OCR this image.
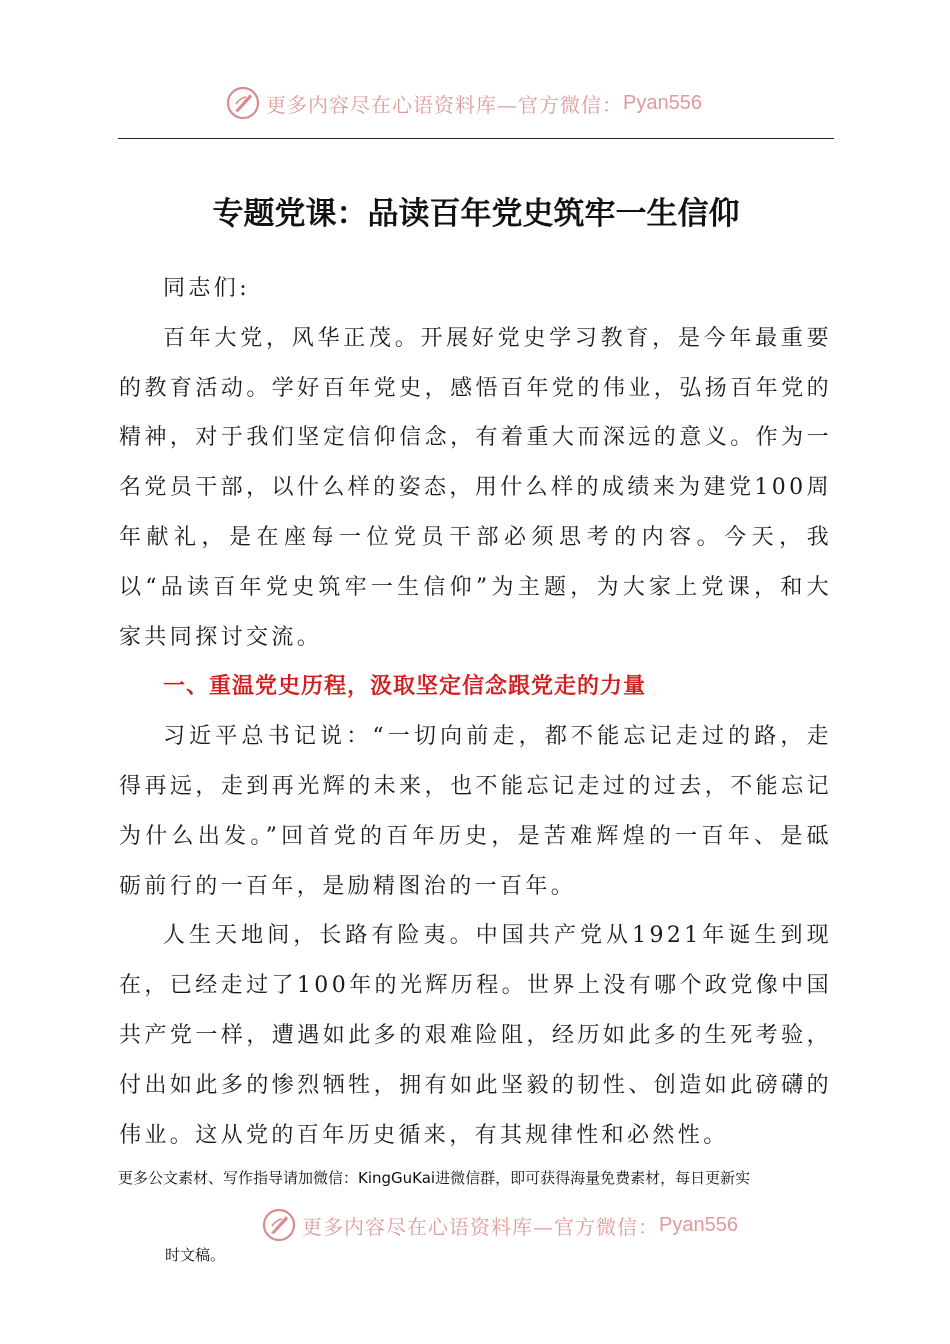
更多内容尽在心语资料库—官方微信： Pyan556
专题党课：品读百年党史筑牢一生信仰

同志们:

百年大党，风华正茂。开展好党史学习教育，是今年最重要的教育活动。学好百年党史，感悟百年党的伟业，弘扬百年党的精神，对于我们坚定信仰信念，有着重大而深远的意义。作为一名党员干部，以什么样的姿态，用什么样的成绩来为建党100周年献礼，是在座每一位党员干部必须思考的内容。今天，我以“品读百年党史筑牢一生信仰”为主题，为大家上党课，和大家共同探讨交流。

一、重温党史历程，汲取坚定信念跟党走的力量

习近平总书记说：“一切向前走，都不能忘记走过的路，走得再远，走到再光辉的未来，也不能忘记走过的过去，不能忘记为什么出发。”回首党的百年历史，是苦难辉煌的一百年、是砥砺前行的一百年，是励精图治的一百年。

人生天地间，长路有险夷。中国共产党从1921年诞生到现在，已经走过了100年的光辉历程。世界上没有哪个政党像中国共产党一样，遭遇如此多的艰难险阻，经历如此多的生死考验，付出如此多的惨烈牺牲，拥有如此坚毅的韧性、创造如此磅礴的伟业。这从党的百年历史循来，有其规律性和必然性。

更多公文素材、写作指导请加微信：KingGuKai进微信群，即可获得海量免费素材，每日更新实
更多内容尽在心语资料库—官方微信： Pyan556
时文稿。
